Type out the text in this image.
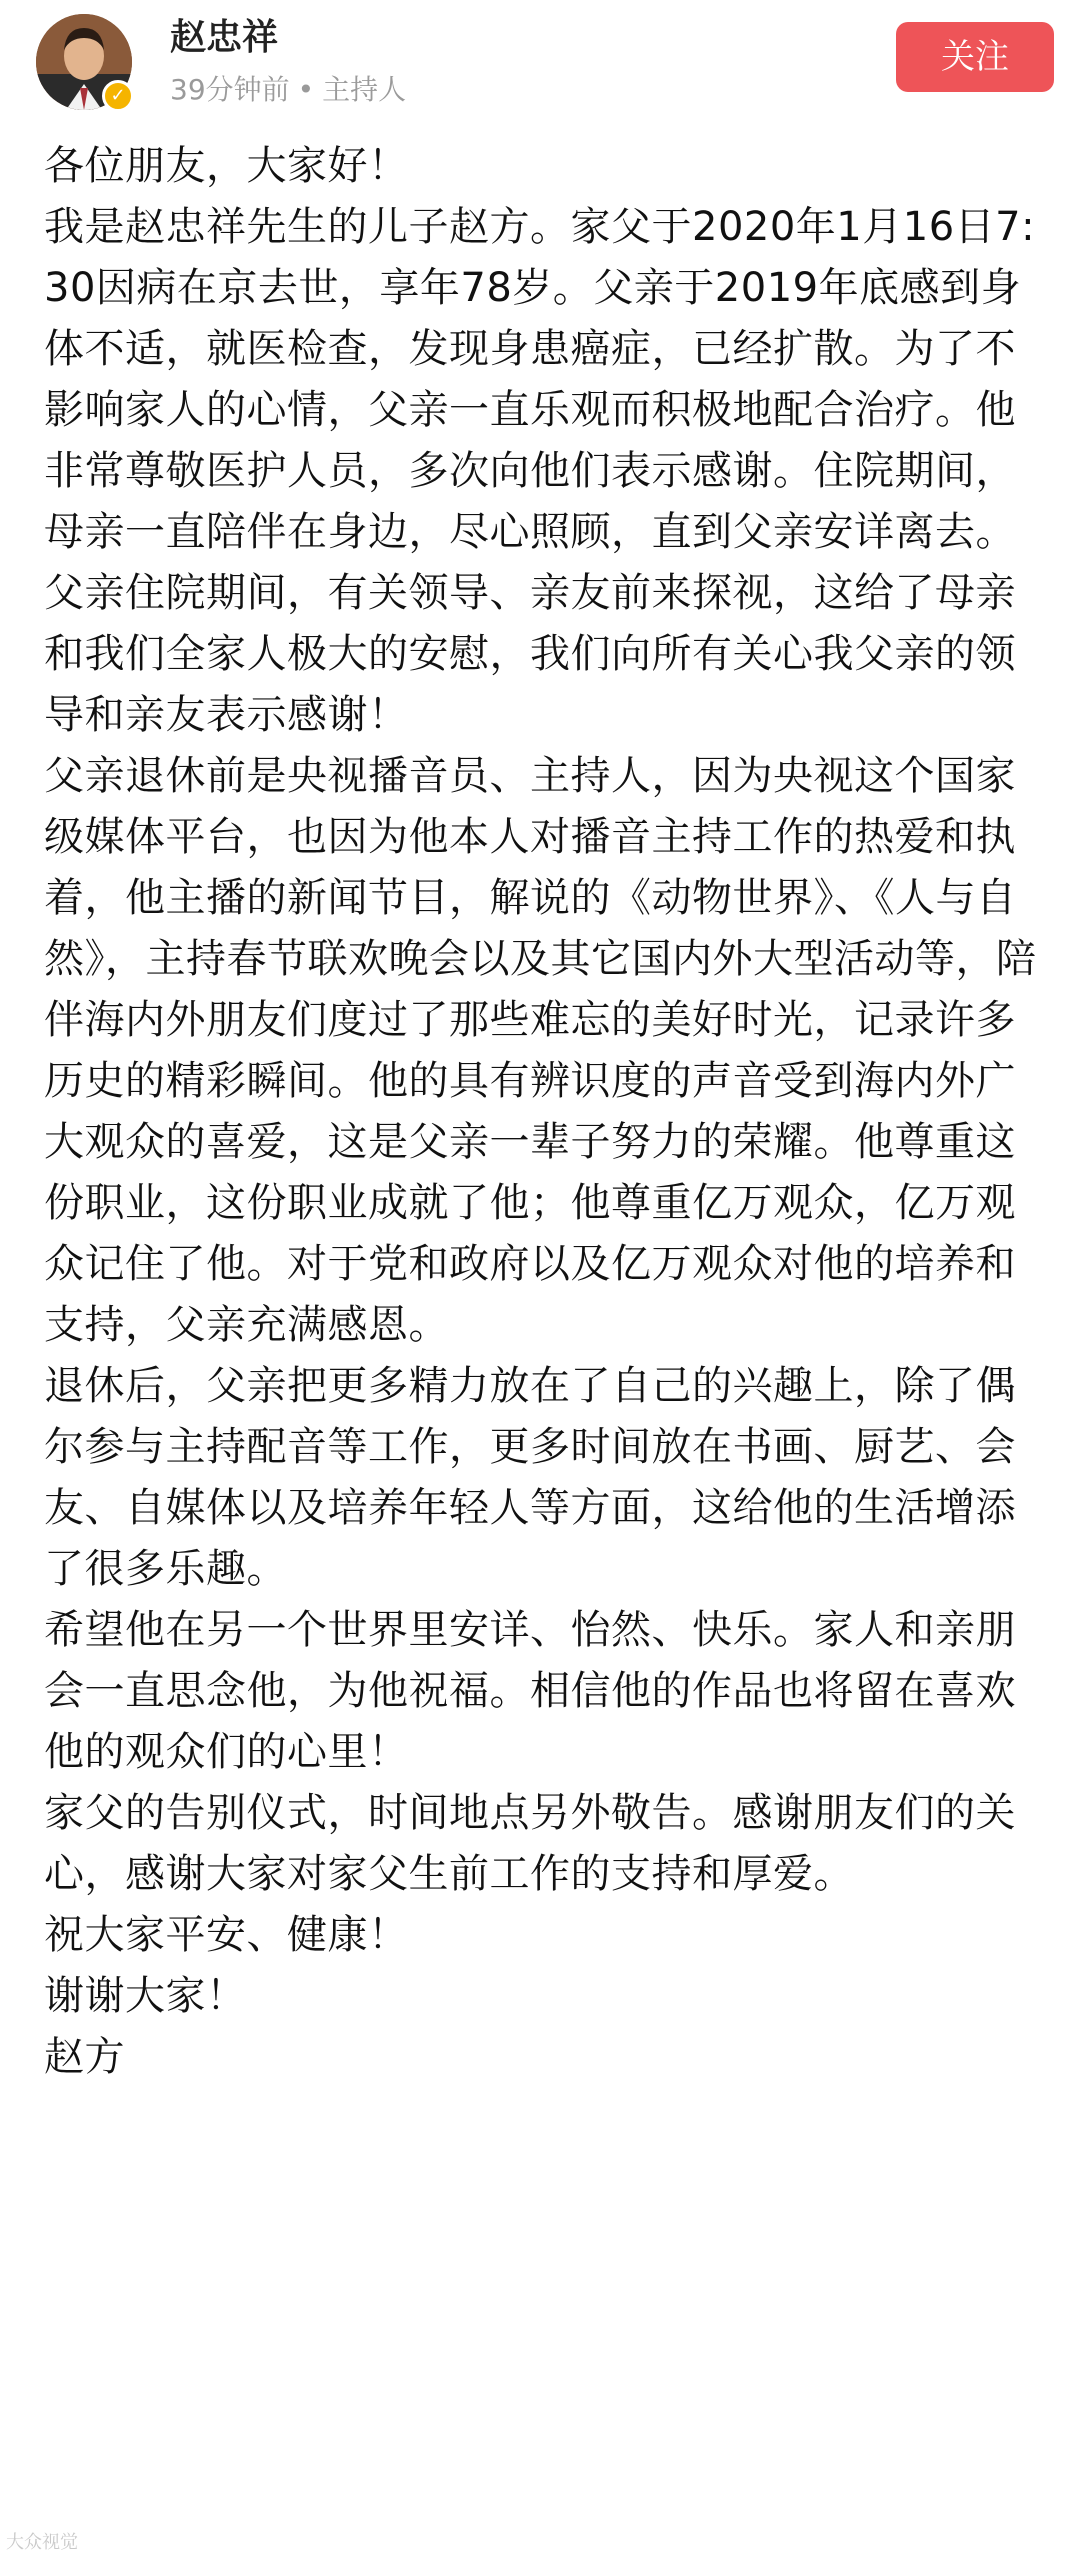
✓
赵忠祥
39分钟前 • 主持人
关注

各位朋友，大家好！

我是赵忠祥先生的儿子赵方。家父于2020年1月16日7:30因病在京去世，享年78岁。父亲于2019年底感到身体不适，就医检查，发现身患癌症，已经扩散。为了不影响家人的心情，父亲一直乐观而积极地配合治疗。他非常尊敬医护人员，多次向他们表示感谢。住院期间，母亲一直陪伴在身边，尽心照顾，直到父亲安详离去。

父亲住院期间，有关领导、亲友前来探视，这给了母亲和我们全家人极大的安慰，我们向所有关心我父亲的领导和亲友表示感谢！

父亲退休前是央视播音员、主持人，因为央视这个国家级媒体平台，也因为他本人对播音主持工作的热爱和执着，他主播的新闻节目，解说的《动物世界》、《人与自然》，主持春节联欢晚会以及其它国内外大型活动等，陪伴海内外朋友们度过了那些难忘的美好时光，记录许多历史的精彩瞬间。他的具有辨识度的声音受到海内外广大观众的喜爱，这是父亲一辈子努力的荣耀。他尊重这份职业，这份职业成就了他；他尊重亿万观众，亿万观众记住了他。对于党和政府以及亿万观众对他的培养和支持，父亲充满感恩。

退休后，父亲把更多精力放在了自己的兴趣上，除了偶尔参与主持配音等工作，更多时间放在书画、厨艺、会友、自媒体以及培养年轻人等方面，这给他的生活增添了很多乐趣。

希望他在另一个世界里安详、怡然、快乐。家人和亲朋会一直思念他，为他祝福。相信他的作品也将留在喜欢他的观众们的心里！

家父的告别仪式，时间地点另外敬告。感谢朋友们的关心，感谢大家对家父生前工作的支持和厚爱。

祝大家平安、健康！

谢谢大家！

赵方

大众视觉
